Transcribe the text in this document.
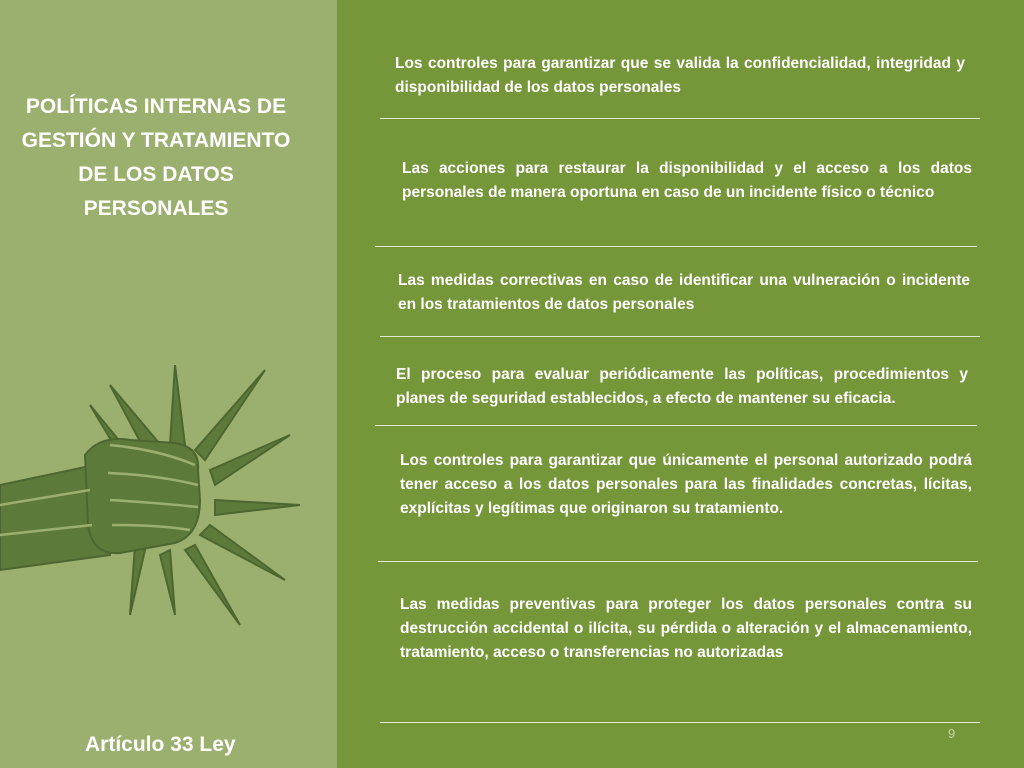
POLÍTICAS INTERNAS DE GESTIÓN Y TRATAMIENTO DE LOS DATOS PERSONALES
Artículo 33 Ley
Los controles para garantizar que se valida la confidencialidad, integridad y disponibilidad de los datos personales
Las acciones para restaurar la disponibilidad y el acceso a los datos personales de manera oportuna en caso de un incidente físico o técnico
Las medidas correctivas en caso de identificar una vulneración o incidente en los tratamientos de datos personales
El proceso para evaluar periódicamente las políticas, procedimientos y planes de seguridad establecidos, a efecto de mantener su eficacia.
Los controles para garantizar que únicamente el personal autorizado podrá tener acceso a los datos personales para las finalidades concretas, lícitas, explícitas y legítimas que originaron su tratamiento.
Las medidas preventivas para proteger los datos personales contra su destrucción accidental o ilícita, su pérdida o alteración y el almacenamiento, tratamiento, acceso o transferencias no autorizadas
9
